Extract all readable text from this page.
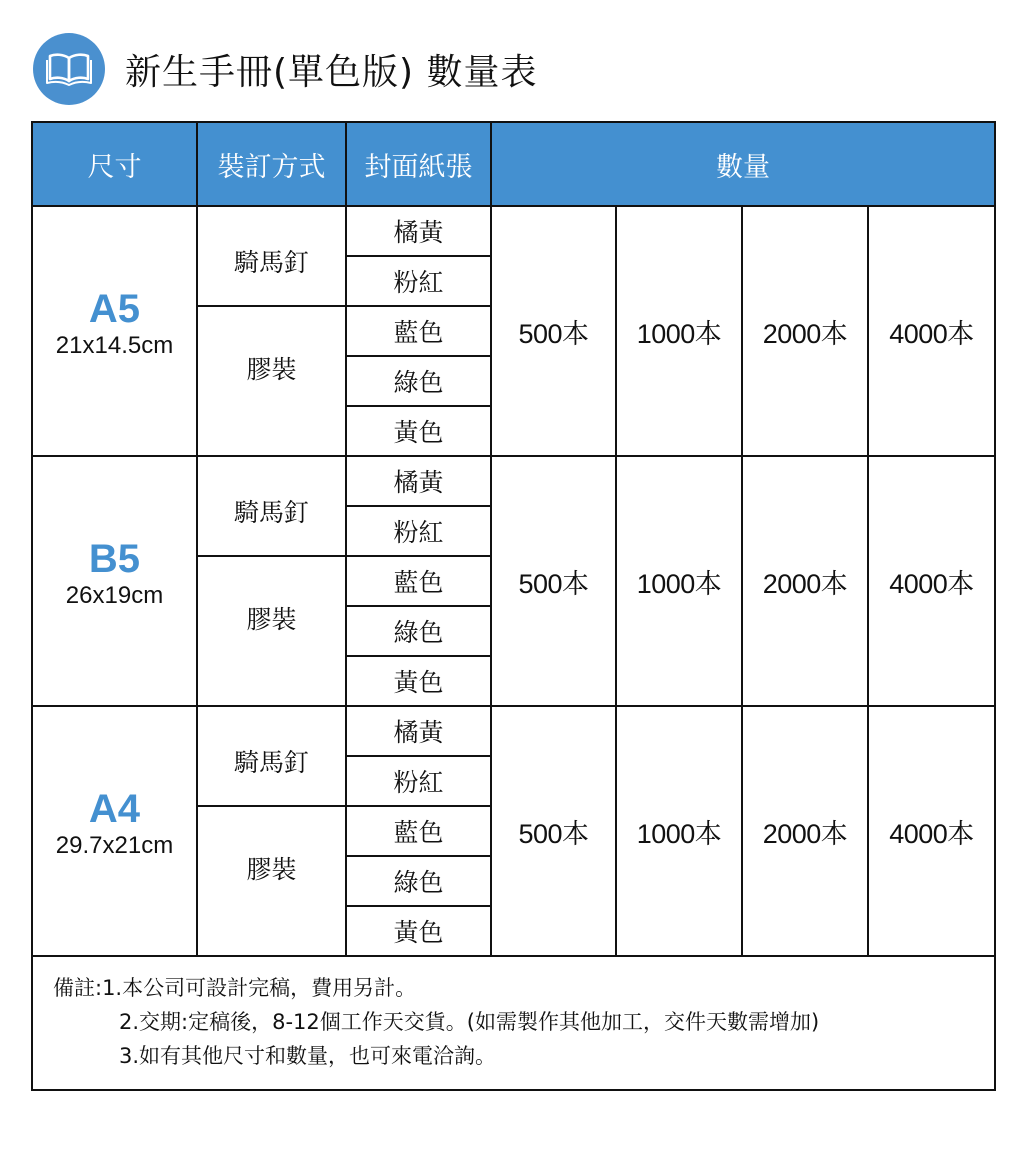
新生手冊(單色版) 數量表
尺寸	裝訂方式	封面紙張	數量			

A5
21x14.5cm	騎馬釘	橘黃	500本	1000本	2000本	4000本
		粉紅				
	膠裝	藍色				
		綠色				
		黃色				

B5
26x19cm	騎馬釘	橘黃	500本	1000本	2000本	4000本
		粉紅				
	膠裝	藍色				
		綠色				
		黃色				

A4
29.7x21cm	騎馬釘	橘黃	500本	1000本	2000本	4000本
		粉紅				
	膠裝	藍色				
		綠色				
		黃色				

備註:1.本公司可設計完稿，費用另計。
2.交期:定稿後，8-12個工作天交貨。(如需製作其他加工，交件天數需增加)
3.如有其他尺寸和數量，也可來電洽詢。						
